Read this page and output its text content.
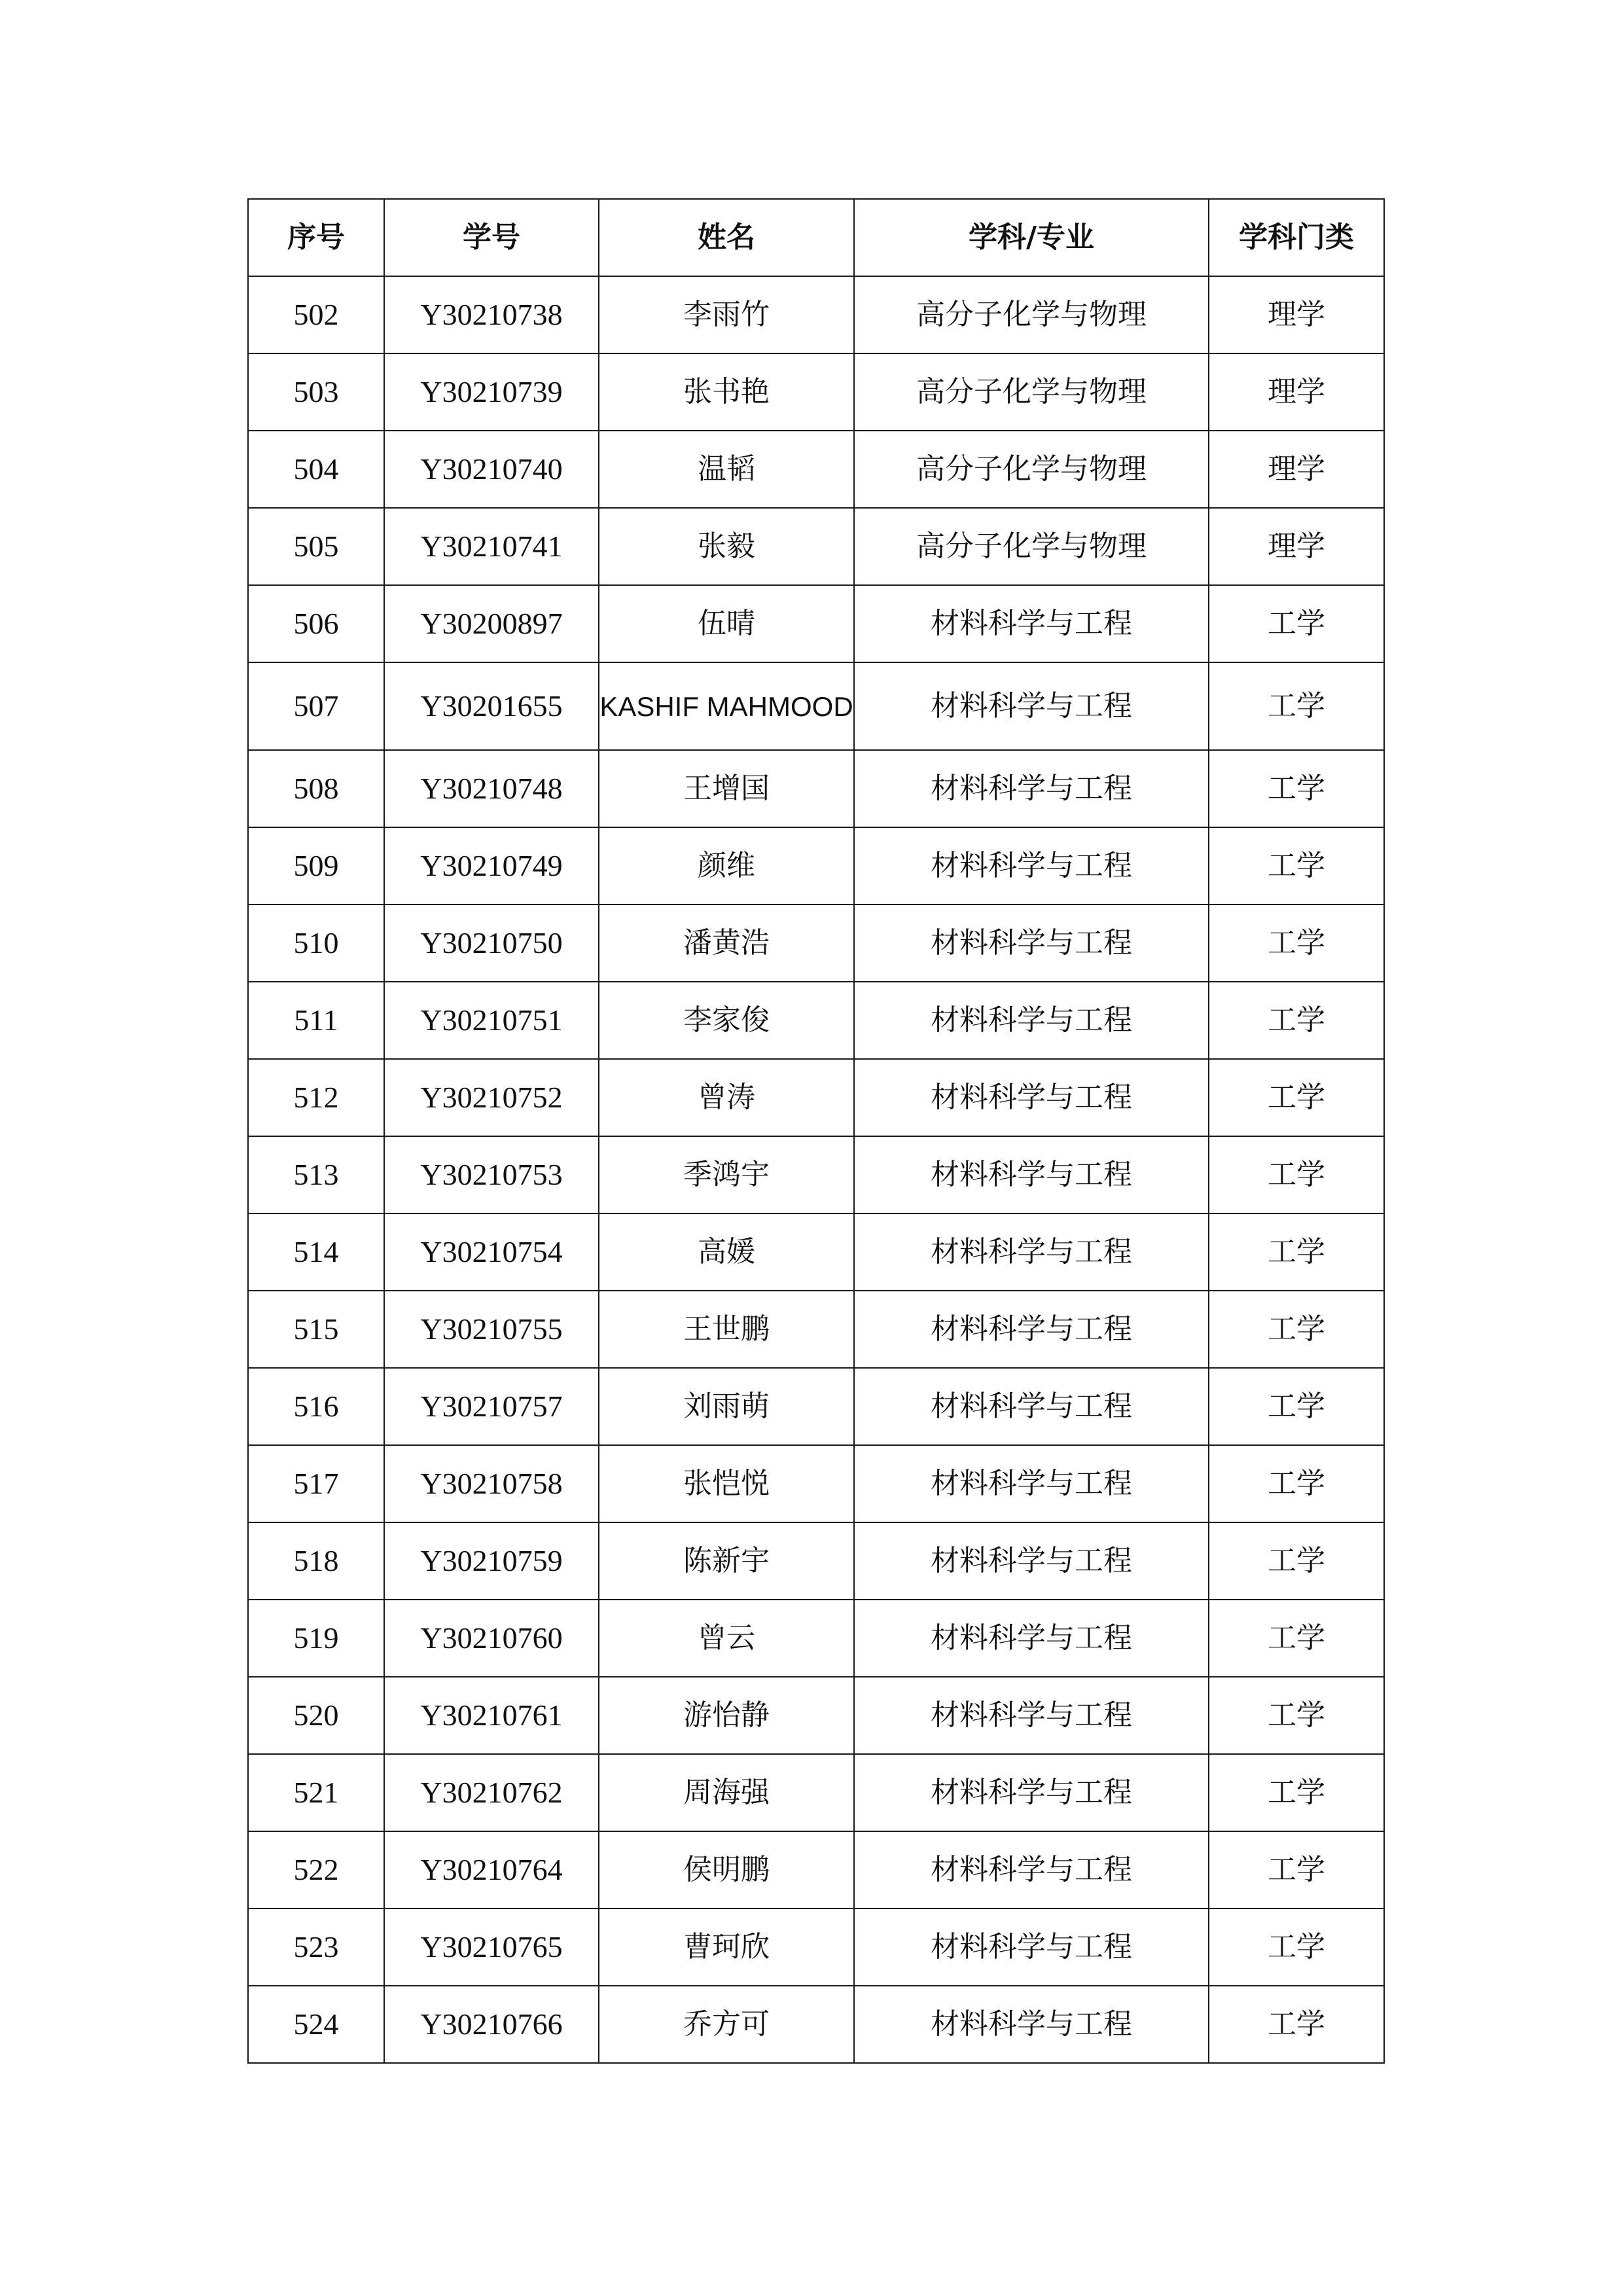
序号	学号	姓名	学科/专业	学科门类
502	Y30210738	李雨竹	高分子化学与物理	理学
503	Y30210739	张书艳	高分子化学与物理	理学
504	Y30210740	温韬	高分子化学与物理	理学
505	Y30210741	张毅	高分子化学与物理	理学
506	Y30200897	伍晴	材料科学与工程	工学
507	Y30201655	KASHIF MAHMOOD	材料科学与工程	工学
508	Y30210748	王增国	材料科学与工程	工学
509	Y30210749	颜维	材料科学与工程	工学
510	Y30210750	潘黄浩	材料科学与工程	工学
511	Y30210751	李家俊	材料科学与工程	工学
512	Y30210752	曾涛	材料科学与工程	工学
513	Y30210753	季鸿宇	材料科学与工程	工学
514	Y30210754	高媛	材料科学与工程	工学
515	Y30210755	王世鹏	材料科学与工程	工学
516	Y30210757	刘雨萌	材料科学与工程	工学
517	Y30210758	张恺悦	材料科学与工程	工学
518	Y30210759	陈新宇	材料科学与工程	工学
519	Y30210760	曾云	材料科学与工程	工学
520	Y30210761	游怡静	材料科学与工程	工学
521	Y30210762	周海强	材料科学与工程	工学
522	Y30210764	侯明鹏	材料科学与工程	工学
523	Y30210765	曹珂欣	材料科学与工程	工学
524	Y30210766	乔方可	材料科学与工程	工学
